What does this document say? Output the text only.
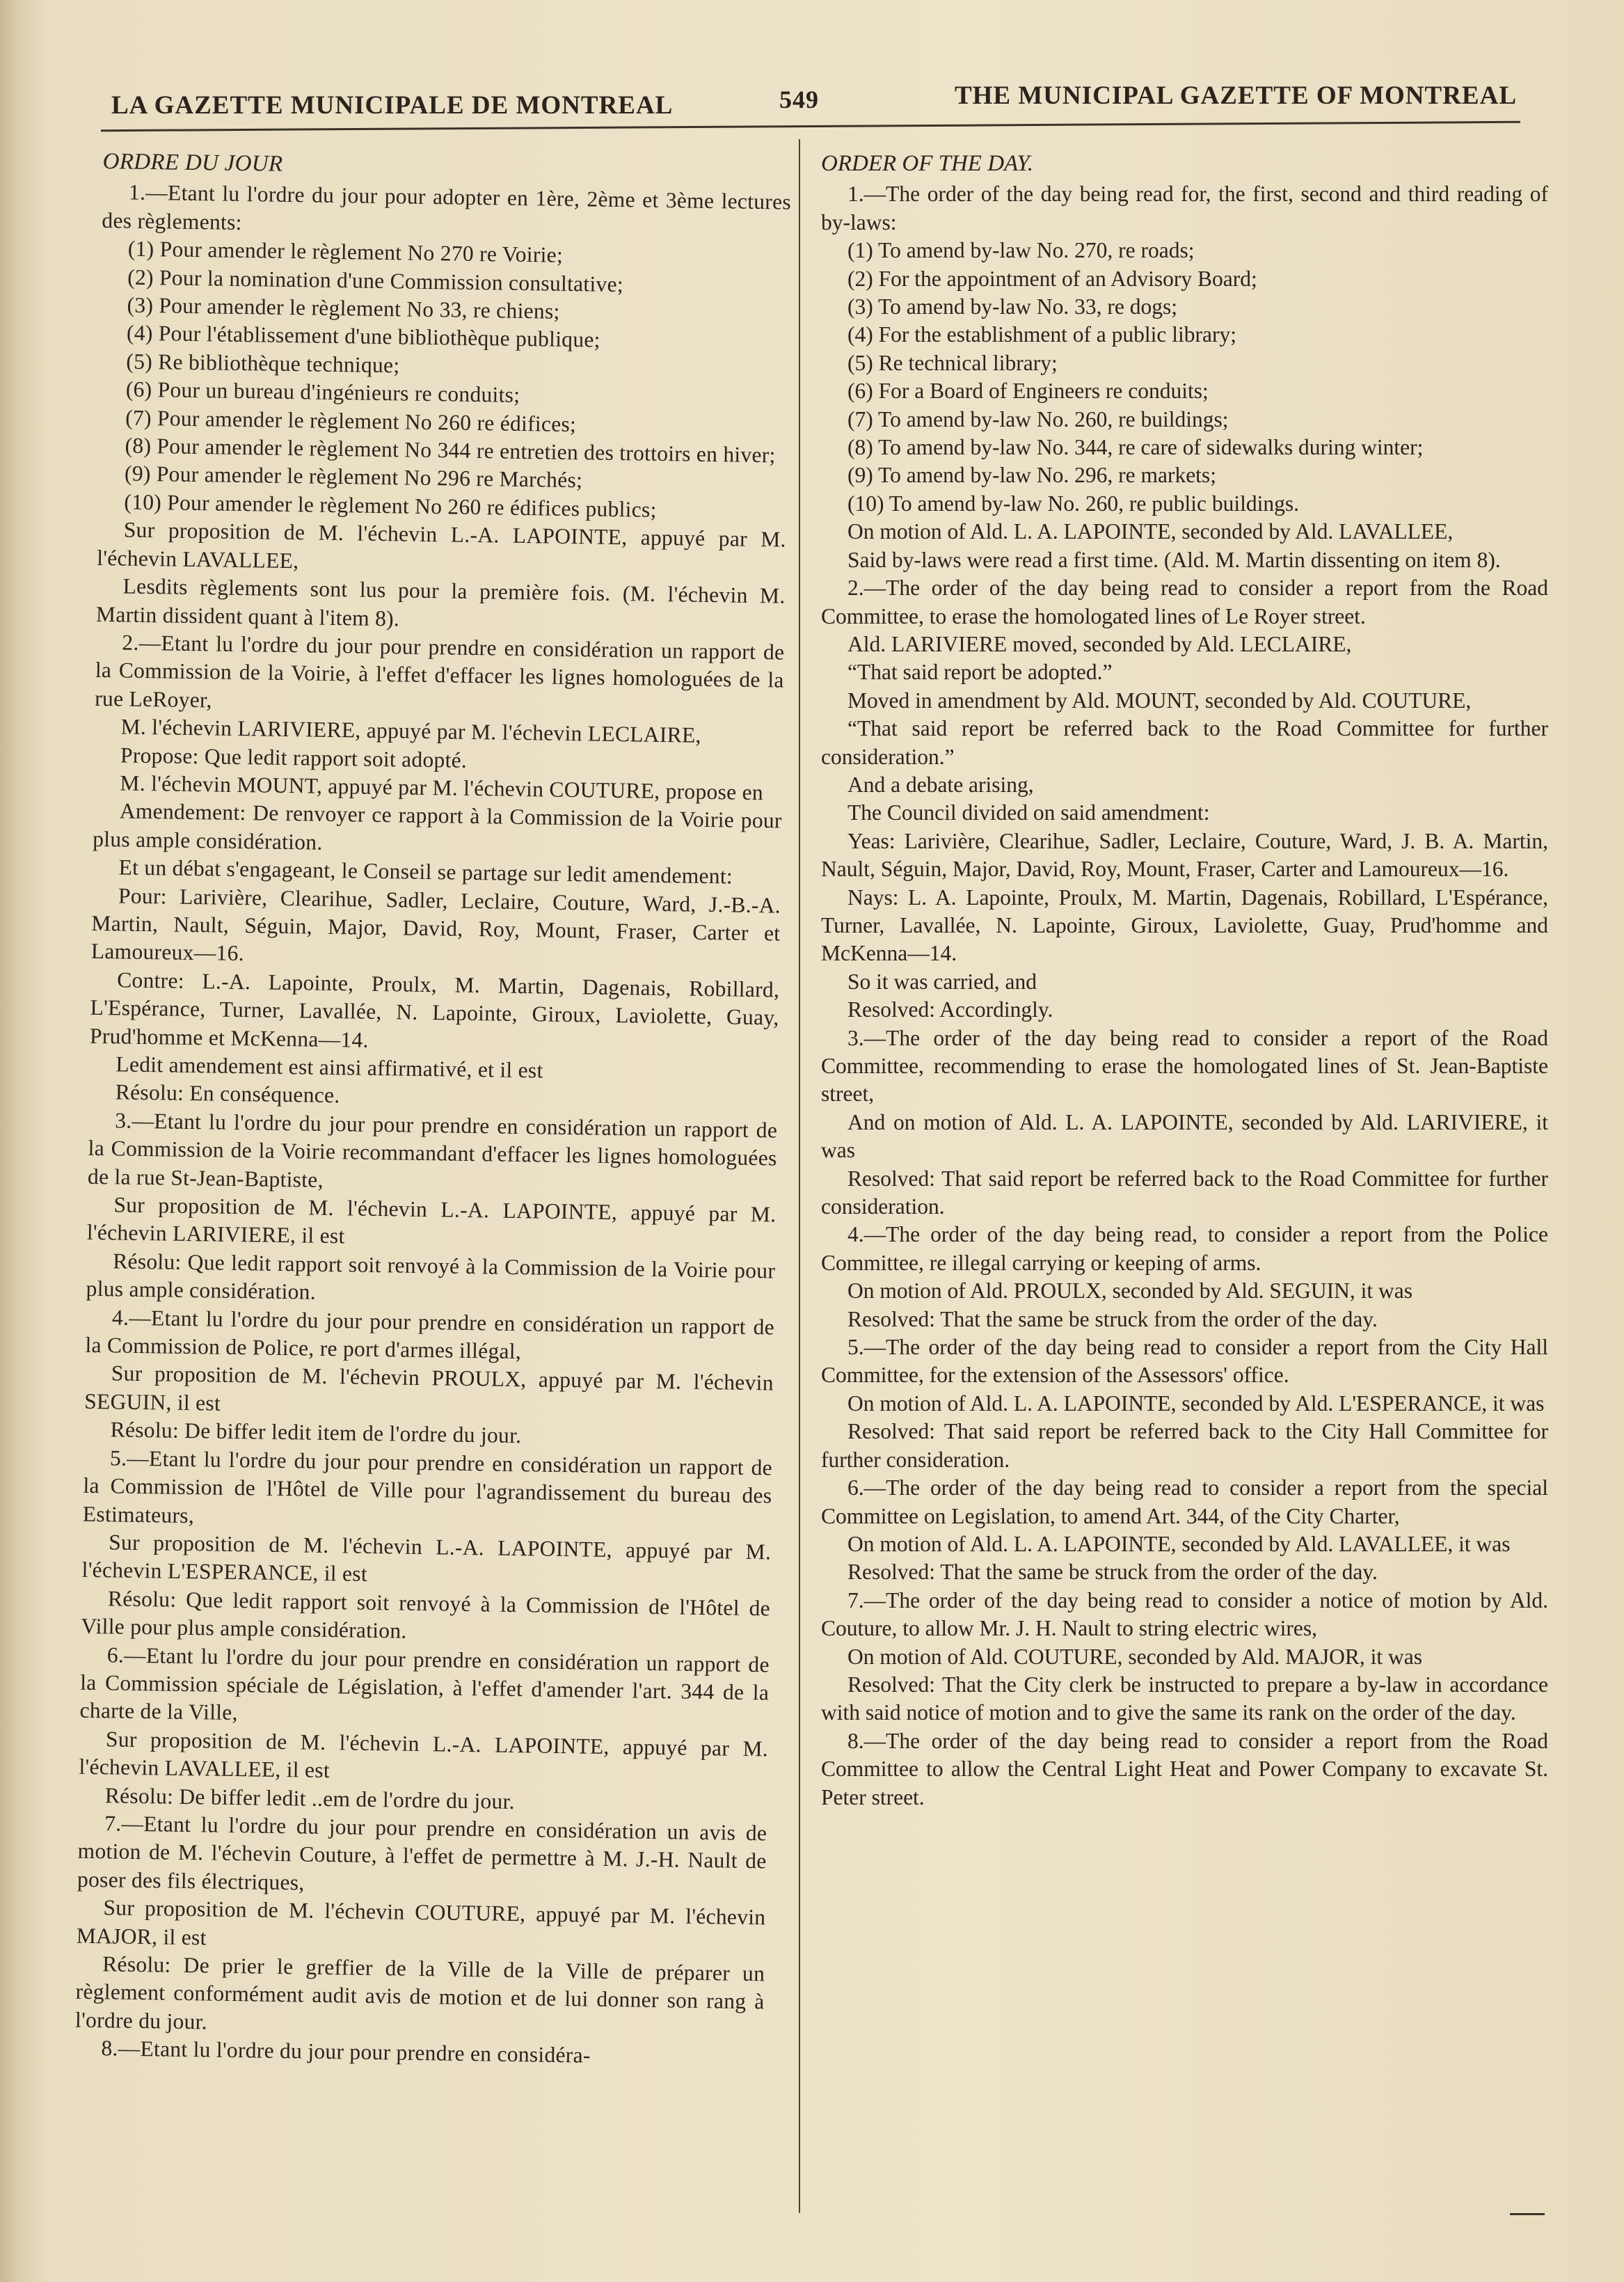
LA GAZETTE MUNICIPALE DE MONTREAL	549	THE MUNICIPAL GAZETTE OF MONTREAL

ORDRE DU JOUR

1.—Etant lu l'ordre du jour pour adopter en 1ère, 2ème et 3ème lectures des règlements:

(1) Pour amender le règlement No 270 re Voirie;

(2) Pour la nomination d'une Commission consultative;

(3) Pour amender le règlement No 33, re chiens;

(4) Pour l'établissement d'une bibliothèque publique;

(5) Re bibliothèque technique;

(6) Pour un bureau d'ingénieurs re conduits;

(7) Pour amender le règlement No 260 re édifices;

(8) Pour amender le règlement No 344 re entretien des trottoirs en hiver;

(9) Pour amender le règlement No 296 re Marchés;

(10) Pour amender le règlement No 260 re édifices publics;

Sur proposition de M. l'échevin L.-A. LAPOINTE, appuyé par M. l'échevin LAVALLEE,

Lesdits règlements sont lus pour la première fois. (M. l'échevin M. Martin dissident quant à l'item 8).

2.—Etant lu l'ordre du jour pour prendre en considération un rapport de la Commission de la Voirie, à l'effet d'effacer les lignes homologuées de la rue LeRoyer,

M. l'échevin LARIVIERE, appuyé par M. l'échevin LECLAIRE,

Propose: Que ledit rapport soit adopté.

M. l'échevin MOUNT, appuyé par M. l'échevin COUTURE, propose en

Amendement: De renvoyer ce rapport à la Commission de la Voirie pour plus ample considération.

Et un débat s'engageant, le Conseil se partage sur ledit amendement:

Pour: Larivière, Clearihue, Sadler, Leclaire, Couture, Ward, J.-B.-A. Martin, Nault, Séguin, Major, David, Roy, Mount, Fraser, Carter et Lamoureux—16.

Contre: L.-A. Lapointe, Proulx, M. Martin, Dagenais, Robillard, L'Espérance, Turner, Lavallée, N. Lapointe, Giroux, Laviolette, Guay, Prud'homme et McKenna—14.

Ledit amendement est ainsi affirmativé, et il est

Résolu: En conséquence.

3.—Etant lu l'ordre du jour pour prendre en considération un rapport de la Commission de la Voirie recommandant d'effacer les lignes homologuées de la rue St-Jean-Baptiste,

Sur proposition de M. l'échevin L.-A. LAPOINTE, appuyé par M. l'échevin LARIVIERE, il est

Résolu: Que ledit rapport soit renvoyé à la Commission de la Voirie pour plus ample considération.

4.—Etant lu l'ordre du jour pour prendre en considération un rapport de la Commission de Police, re port d'armes illégal,

Sur proposition de M. l'échevin PROULX, appuyé par M. l'échevin SEGUIN, il est

Résolu: De biffer ledit item de l'ordre du jour.

5.—Etant lu l'ordre du jour pour prendre en considération un rapport de la Commission de l'Hôtel de Ville pour l'agrandissement du bureau des Estimateurs,

Sur proposition de M. l'échevin L.-A. LAPOINTE, appuyé par M. l'échevin L'ESPERANCE, il est

Résolu: Que ledit rapport soit renvoyé à la Commission de l'Hôtel de Ville pour plus ample considération.

6.—Etant lu l'ordre du jour pour prendre en considération un rapport de la Commission spéciale de Législation, à l'effet d'amender l'art. 344 de la charte de la Ville,

Sur proposition de M. l'échevin L.-A. LAPOINTE, appuyé par M. l'échevin LAVALLEE, il est

Résolu: De biffer ledit ..em de l'ordre du jour.

7.—Etant lu l'ordre du jour pour prendre en considération un avis de motion de M. l'échevin Couture, à l'effet de permettre à M. J.-H. Nault de poser des fils électriques,

Sur proposition de M. l'échevin COUTURE, appuyé par M. l'échevin MAJOR, il est

Résolu: De prier le greffier de la Ville de la Ville de préparer un règlement conformément audit avis de motion et de lui donner son rang à l'ordre du jour.

8.—Etant lu l'ordre du jour pour prendre en considéra-

ORDER OF THE DAY.

1.—The order of the day being read for, the first, second and third reading of by-laws:

(1) To amend by-law No. 270, re roads;

(2) For the appointment of an Advisory Board;

(3) To amend by-law No. 33, re dogs;

(4) For the establishment of a public library;

(5) Re technical library;

(6) For a Board of Engineers re conduits;

(7) To amend by-law No. 260, re buildings;

(8) To amend by-law No. 344, re care of sidewalks during winter;

(9) To amend by-law No. 296, re markets;

(10) To amend by-law No. 260, re public buildings.

On motion of Ald. L. A. LAPOINTE, seconded by Ald. LAVALLEE,

Said by-laws were read a first time. (Ald. M. Martin dissenting on item 8).

2.—The order of the day being read to consider a report from the Road Committee, to erase the homologated lines of Le Royer street.

Ald. LARIVIERE moved, seconded by Ald. LECLAIRE,

“That said report be adopted.”

Moved in amendment by Ald. MOUNT, seconded by Ald. COUTURE,

“That said report be referred back to the Road Committee for further consideration.”

And a debate arising,

The Council divided on said amendment:

Yeas: Larivière, Clearihue, Sadler, Leclaire, Couture, Ward, J. B. A. Martin, Nault, Séguin, Major, David, Roy, Mount, Fraser, Carter and Lamoureux—16.

Nays: L. A. Lapointe, Proulx, M. Martin, Dagenais, Robillard, L'Espérance, Turner, Lavallée, N. Lapointe, Giroux, Laviolette, Guay, Prud'homme and McKenna—14.

So it was carried, and

Resolved: Accordingly.

3.—The order of the day being read to consider a report of the Road Committee, recommending to erase the homologated lines of St. Jean-Baptiste street,

And on motion of Ald. L. A. LAPOINTE, seconded by Ald. LARIVIERE, it was

Resolved: That said report be referred back to the Road Committee for further consideration.

4.—The order of the day being read, to consider a report from the Police Committee, re illegal carrying or keeping of arms.

On motion of Ald. PROULX, seconded by Ald. SEGUIN, it was

Resolved: That the same be struck from the order of the day.

5.—The order of the day being read to consider a report from the City Hall Committee, for the extension of the Assessors' office.

On motion of Ald. L. A. LAPOINTE, seconded by Ald. L'ESPERANCE, it was

Resolved: That said report be referred back to the City Hall Committee for further consideration.

6.—The order of the day being read to consider a report from the special Committee on Legislation, to amend Art. 344, of the City Charter,

On motion of Ald. L. A. LAPOINTE, seconded by Ald. LAVALLEE, it was

Resolved: That the same be struck from the order of the day.

7.—The order of the day being read to consider a notice of motion by Ald. Couture, to allow Mr. J. H. Nault to string electric wires,

On motion of Ald. COUTURE, seconded by Ald. MAJOR, it was

Resolved: That the City clerk be instructed to prepare a by-law in accordance with said notice of motion and to give the same its rank on the order of the day.

8.—The order of the day being read to consider a report from the Road Committee to allow the Central Light Heat and Power Company to excavate St. Peter street.
